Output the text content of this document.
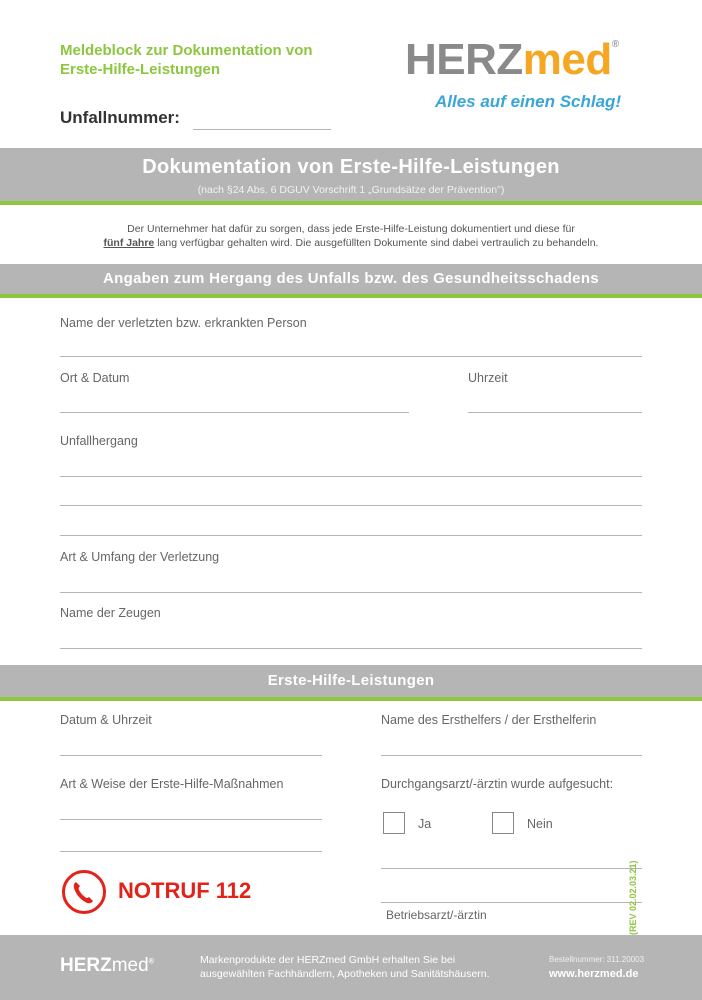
Meldeblock zur Dokumentation von
Erste-Hilfe-Leistungen
Unfallnummer:
HERZmed®
Alles auf einen Schlag!
Dokumentation von Erste-Hilfe-Leistungen
(nach §24 Abs. 6 DGUV Vorschrift 1 „Grundsätze der Prävention")
Der Unternehmer hat dafür zu sorgen, dass jede Erste-Hilfe-Leistung dokumentiert und diese für
fünf Jahre lang verfügbar gehalten wird. Die ausgefüllten Dokumente sind dabei vertraulich zu behandeln.
Angaben zum Hergang des Unfalls bzw. des Gesundheitsschadens
Name der verletzten bzw. erkrankten Person
Ort & Datum	Uhrzeit
Unfallhergang
Art & Umfang der Verletzung
Name der Zeugen
Erste-Hilfe-Leistungen
Datum & Uhrzeit	Name des Ersthelfers / der Ersthelferin
Art & Weise der Erste-Hilfe-Maßnahmen	Durchgangsarzt/-ärztin wurde aufgesucht:
Ja	Nein
Betriebsarzt/-ärztin
NOTRUF 112	(REV 02.02.03.21)
HERZmed®	Markenprodukte der HERZmed GmbH erhalten Sie bei
ausgewählten Fachhändlern, Apotheken und Sanitätshäusern.
Bestellnummer: 311.20003
www.herzmed.de
